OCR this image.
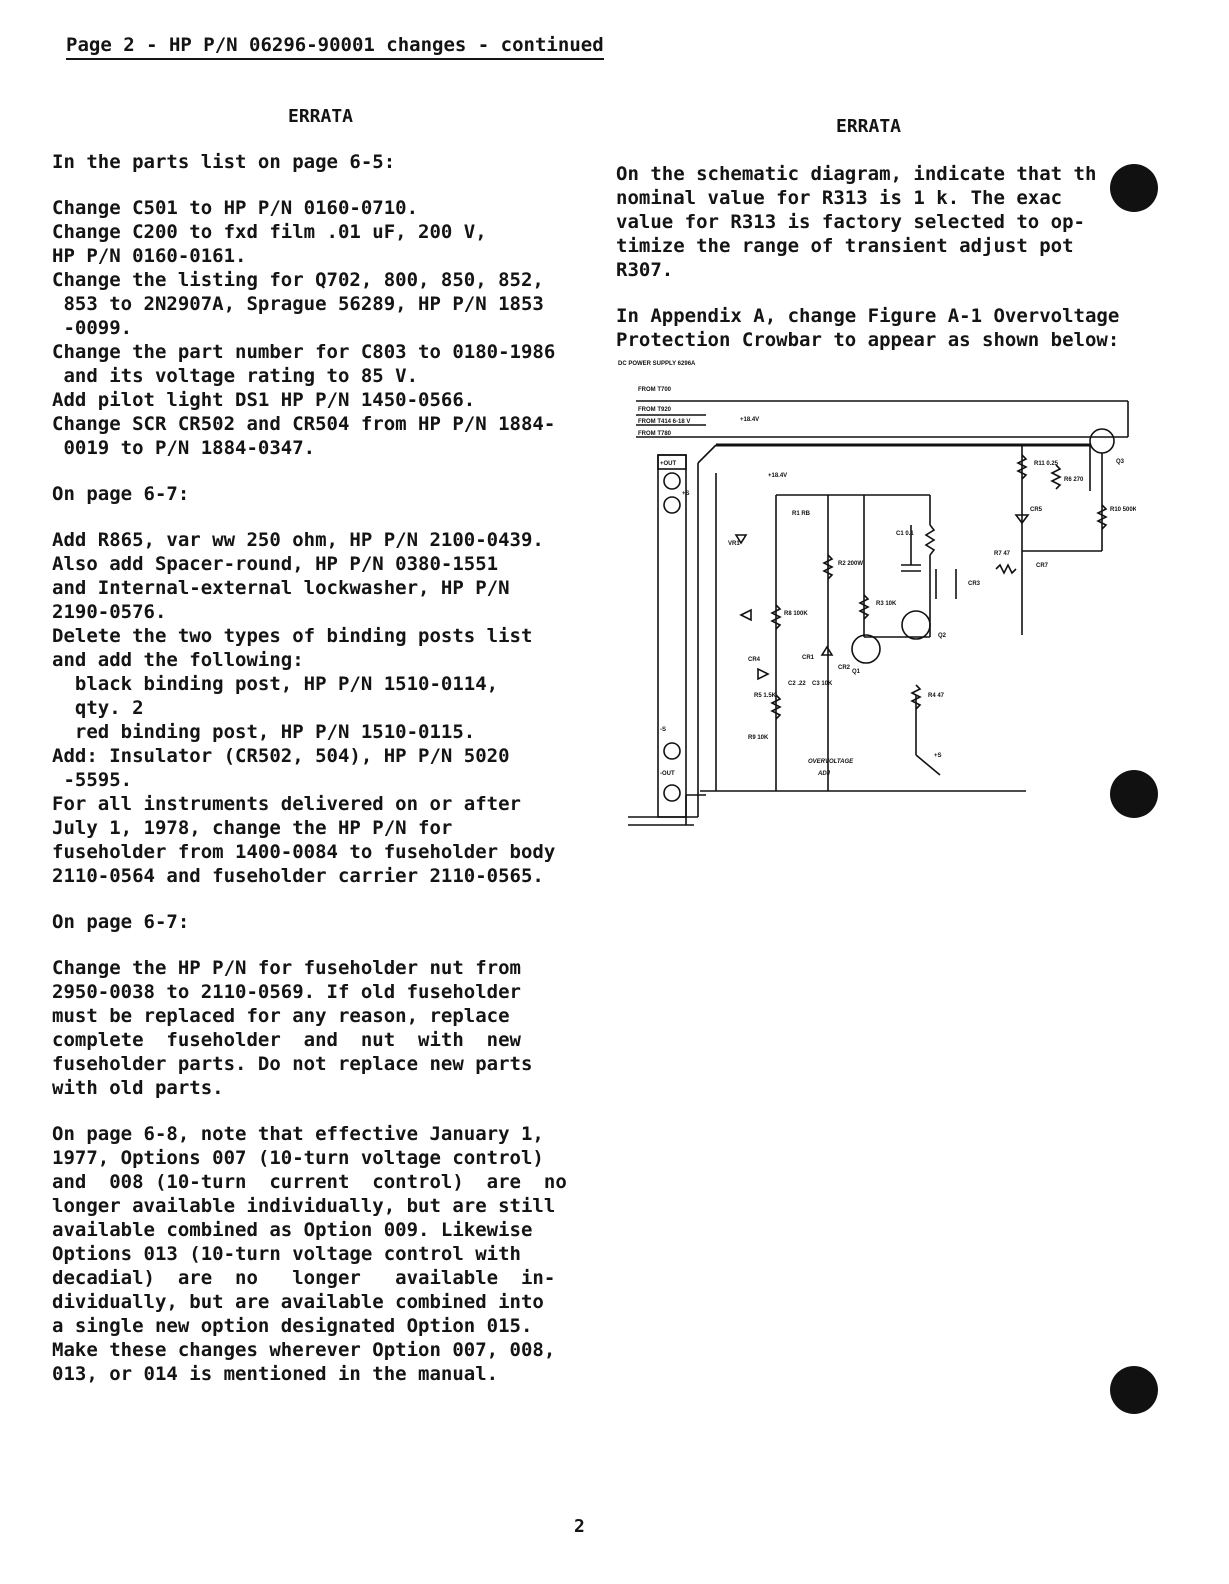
Page 2 - HP P/N 06296-90001 changes - continued
ERRATA
In the parts list on page 6-5:
Change C501 to HP P/N 0160-0710.
Change C200 to fxd film .01 uF, 200 V,
HP P/N 0160-0161.
Change the listing for Q702, 800, 850, 852,
853 to 2N2907A, Sprague 56289, HP P/N 1853
-0099.
Change the part number for C803 to 0180-1986
and its voltage rating to 85 V.
Add pilot light DS1 HP P/N 1450-0566.
Change SCR CR502 and CR504 from HP P/N 1884-
0019 to P/N 1884-0347.
On page 6-7:
Add R865, var ww 250 ohm, HP P/N 2100-0439.
Also add Spacer-round, HP P/N 0380-1551
and Internal-external lockwasher, HP P/N
2190-0576.
Delete the two types of binding posts list
and add the following:
black binding post, HP P/N 1510-0114,
qty. 2
red binding post, HP P/N 1510-0115.
Add: Insulator (CR502, 504), HP P/N 5020
-5595.
For all instruments delivered on or after
July 1, 1978, change the HP P/N for
fuseholder from 1400-0084 to fuseholder body
2110-0564 and fuseholder carrier 2110-0565.
On page 6-7:
Change the HP P/N for fuseholder nut from
2950-0038 to 2110-0569. If old fuseholder
must be replaced for any reason, replace
complete  fuseholder  and  nut  with  new
fuseholder parts. Do not replace new parts
with old parts.
On page 6-8, note that effective January 1,
1977, Options 007 (10-turn voltage control)
and  008 (10-turn  current  control)  are  no
longer available individually, but are still
available combined as Option 009. Likewise
Options 013 (10-turn voltage control with
decadial)  are  no   longer   available  in-
dividually, but are available combined into
a single new option designated Option 015.
Make these changes wherever Option 007, 008,
013, or 014 is mentioned in the manual.
ERRATA
On the schematic diagram, indicate that th
nominal value for R313 is 1 k. The exac
value for R313 is factory selected to op-
timize the range of transient adjust pot
R307.
In Appendix A, change Figure A-1 Overvoltage
Protection Crowbar to appear as shown below:
DC POWER SUPPLY 6296A
FROM T700
FROM T920
FROM T414 6-18 V
FROM T780
+18.4V
+18.4V
+OUT
+S
-S
-OUT
Q3
Q2
Q1
CR1
CR2
CR3
CR4
CR5
CR7
VR1
C1 0.1
C2 .22 C3 10K
R1 RB
R2 200W
R3 10K
R4 47
R5 1.5K
R6 270
R7 47
R8 100K
R9 10K
R10 500K
R11 0.25
+S
OVERVOLTAGE
ADJ
2
